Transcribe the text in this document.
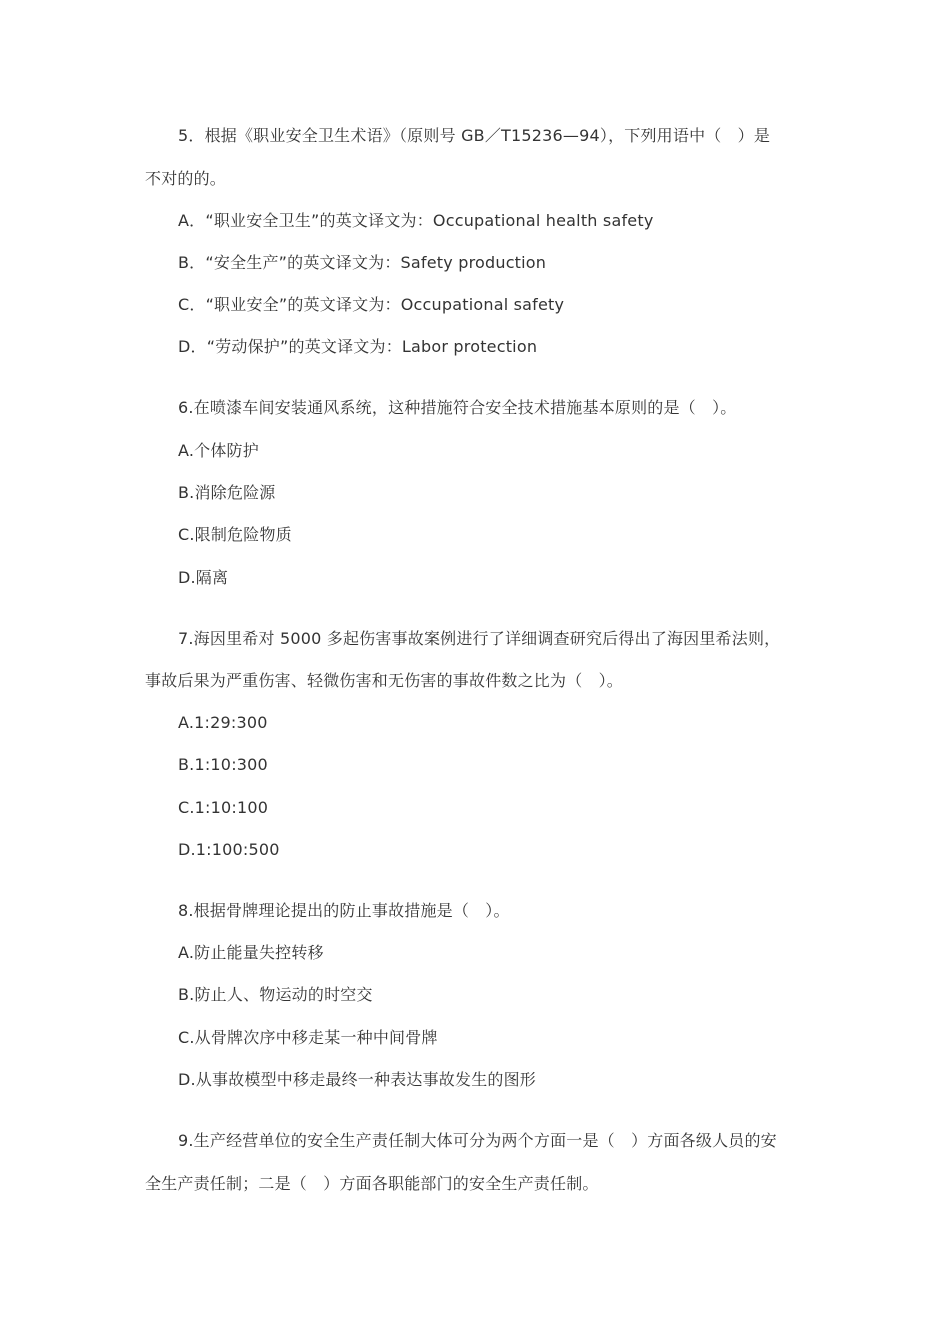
5．根据《职业安全卫生术语》（原则号 GB／T15236—94），下列用语中（　）是
不对的的。
A．“职业安全卫生”的英文译文为：Occupational health safety
B．“安全生产”的英文译文为：Safety production
C．“职业安全”的英文译文为：Occupational safety
D．“劳动保护”的英文译文为：Labor protection
6.在喷漆车间安装通风系统，这种措施符合安全技术措施基本原则的是（　）。
A.个体防护
B.消除危险源
C.限制危险物质
D.隔离
7.海因里希对 5000 多起伤害事故案例进行了详细调查研究后得出了海因里希法则，
事故后果为严重伤害、轻微伤害和无伤害的事故件数之比为（　）。
A.1:29:300
B.1:10:300
C.1:10:100
D.1:100:500
8.根据骨牌理论提出的防止事故措施是（　）。
A.防止能量失控转移
B.防止人、物运动的时空交
C.从骨牌次序中移走某一种中间骨牌
D.从事故模型中移走最终一种表达事故发生的图形
9.生产经营单位的安全生产责任制大体可分为两个方面一是（　）方面各级人员的安
全生产责任制；二是（　）方面各职能部门的安全生产责任制。
